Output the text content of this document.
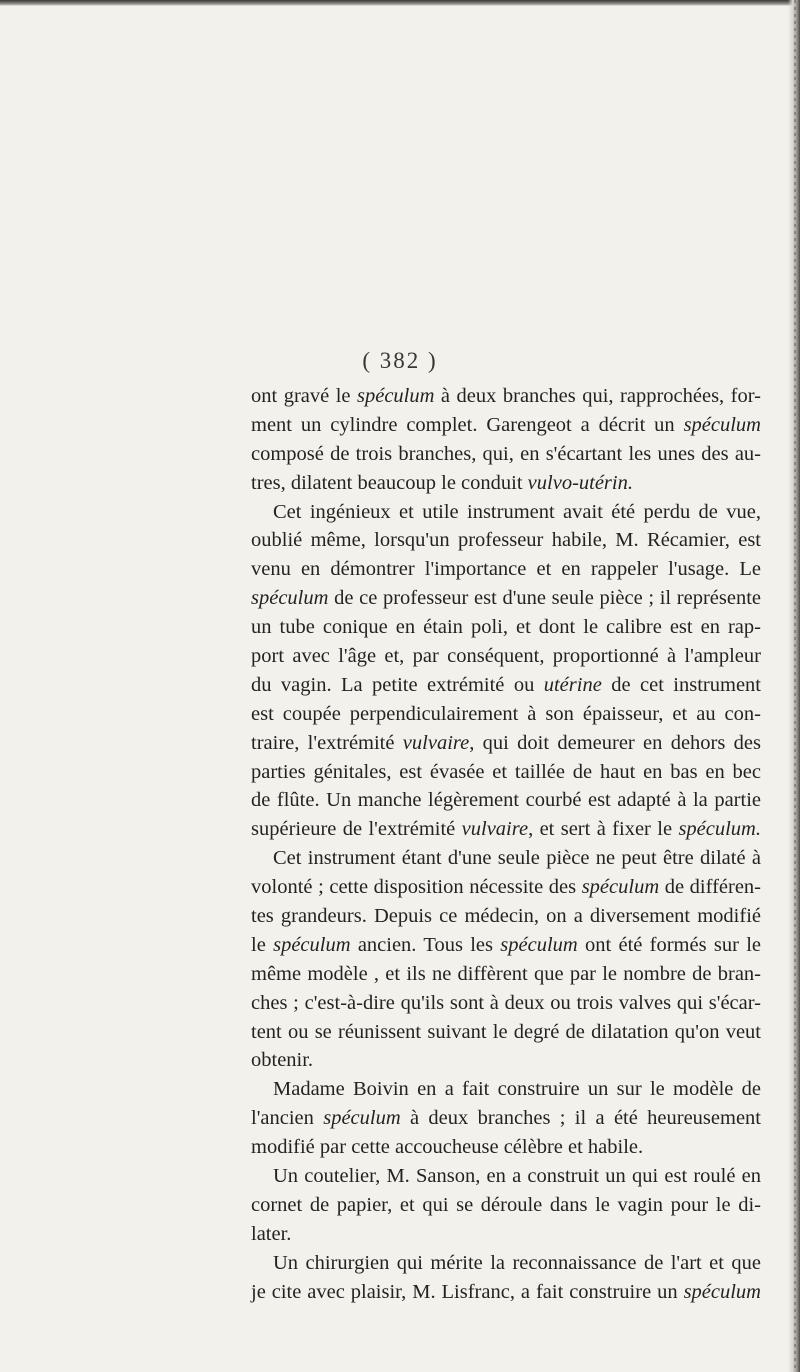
( 382 )
ont gravé le spéculum à deux branches qui, rapprochées, for-
ment un cylindre complet. Garengeot a décrit un spéculum
composé de trois branches, qui, en s'écartant les unes des au-
tres, dilatent beaucoup le conduit vulvo-utérin.
Cet ingénieux et utile instrument avait été perdu de vue,
oublié même, lorsqu'un professeur habile, M. Récamier, est
venu en démontrer l'importance et en rappeler l'usage. Le
spéculum de ce professeur est d'une seule pièce ; il représente
un tube conique en étain poli, et dont le calibre est en rap-
port avec l'âge et, par conséquent, proportionné à l'ampleur
du vagin. La petite extrémité ou utérine de cet instrument
est coupée perpendiculairement à son épaisseur, et au con-
traire, l'extrémité vulvaire, qui doit demeurer en dehors des
parties génitales, est évasée et taillée de haut en bas en bec
de flûte. Un manche légèrement courbé est adapté à la partie
supérieure de l'extrémité vulvaire, et sert à fixer le spéculum.
Cet instrument étant d'une seule pièce ne peut être dilaté à
volonté ; cette disposition nécessite des spéculum de différen-
tes grandeurs. Depuis ce médecin, on a diversement modifié
le spéculum ancien. Tous les spéculum ont été formés sur le
même modèle , et ils ne diffèrent que par le nombre de bran-
ches ; c'est-à-dire qu'ils sont à deux ou trois valves qui s'écar-
tent ou se réunissent suivant le degré de dilatation qu'on veut
obtenir.
Madame Boivin en a fait construire un sur le modèle de
l'ancien spéculum à deux branches ; il a été heureusement
modifié par cette accoucheuse célèbre et habile.
Un coutelier, M. Sanson, en a construit un qui est roulé en
cornet de papier, et qui se déroule dans le vagin pour le di-
later.
Un chirurgien qui mérite la reconnaissance de l'art et que
je cite avec plaisir, M. Lisfranc, a fait construire un spéculum
